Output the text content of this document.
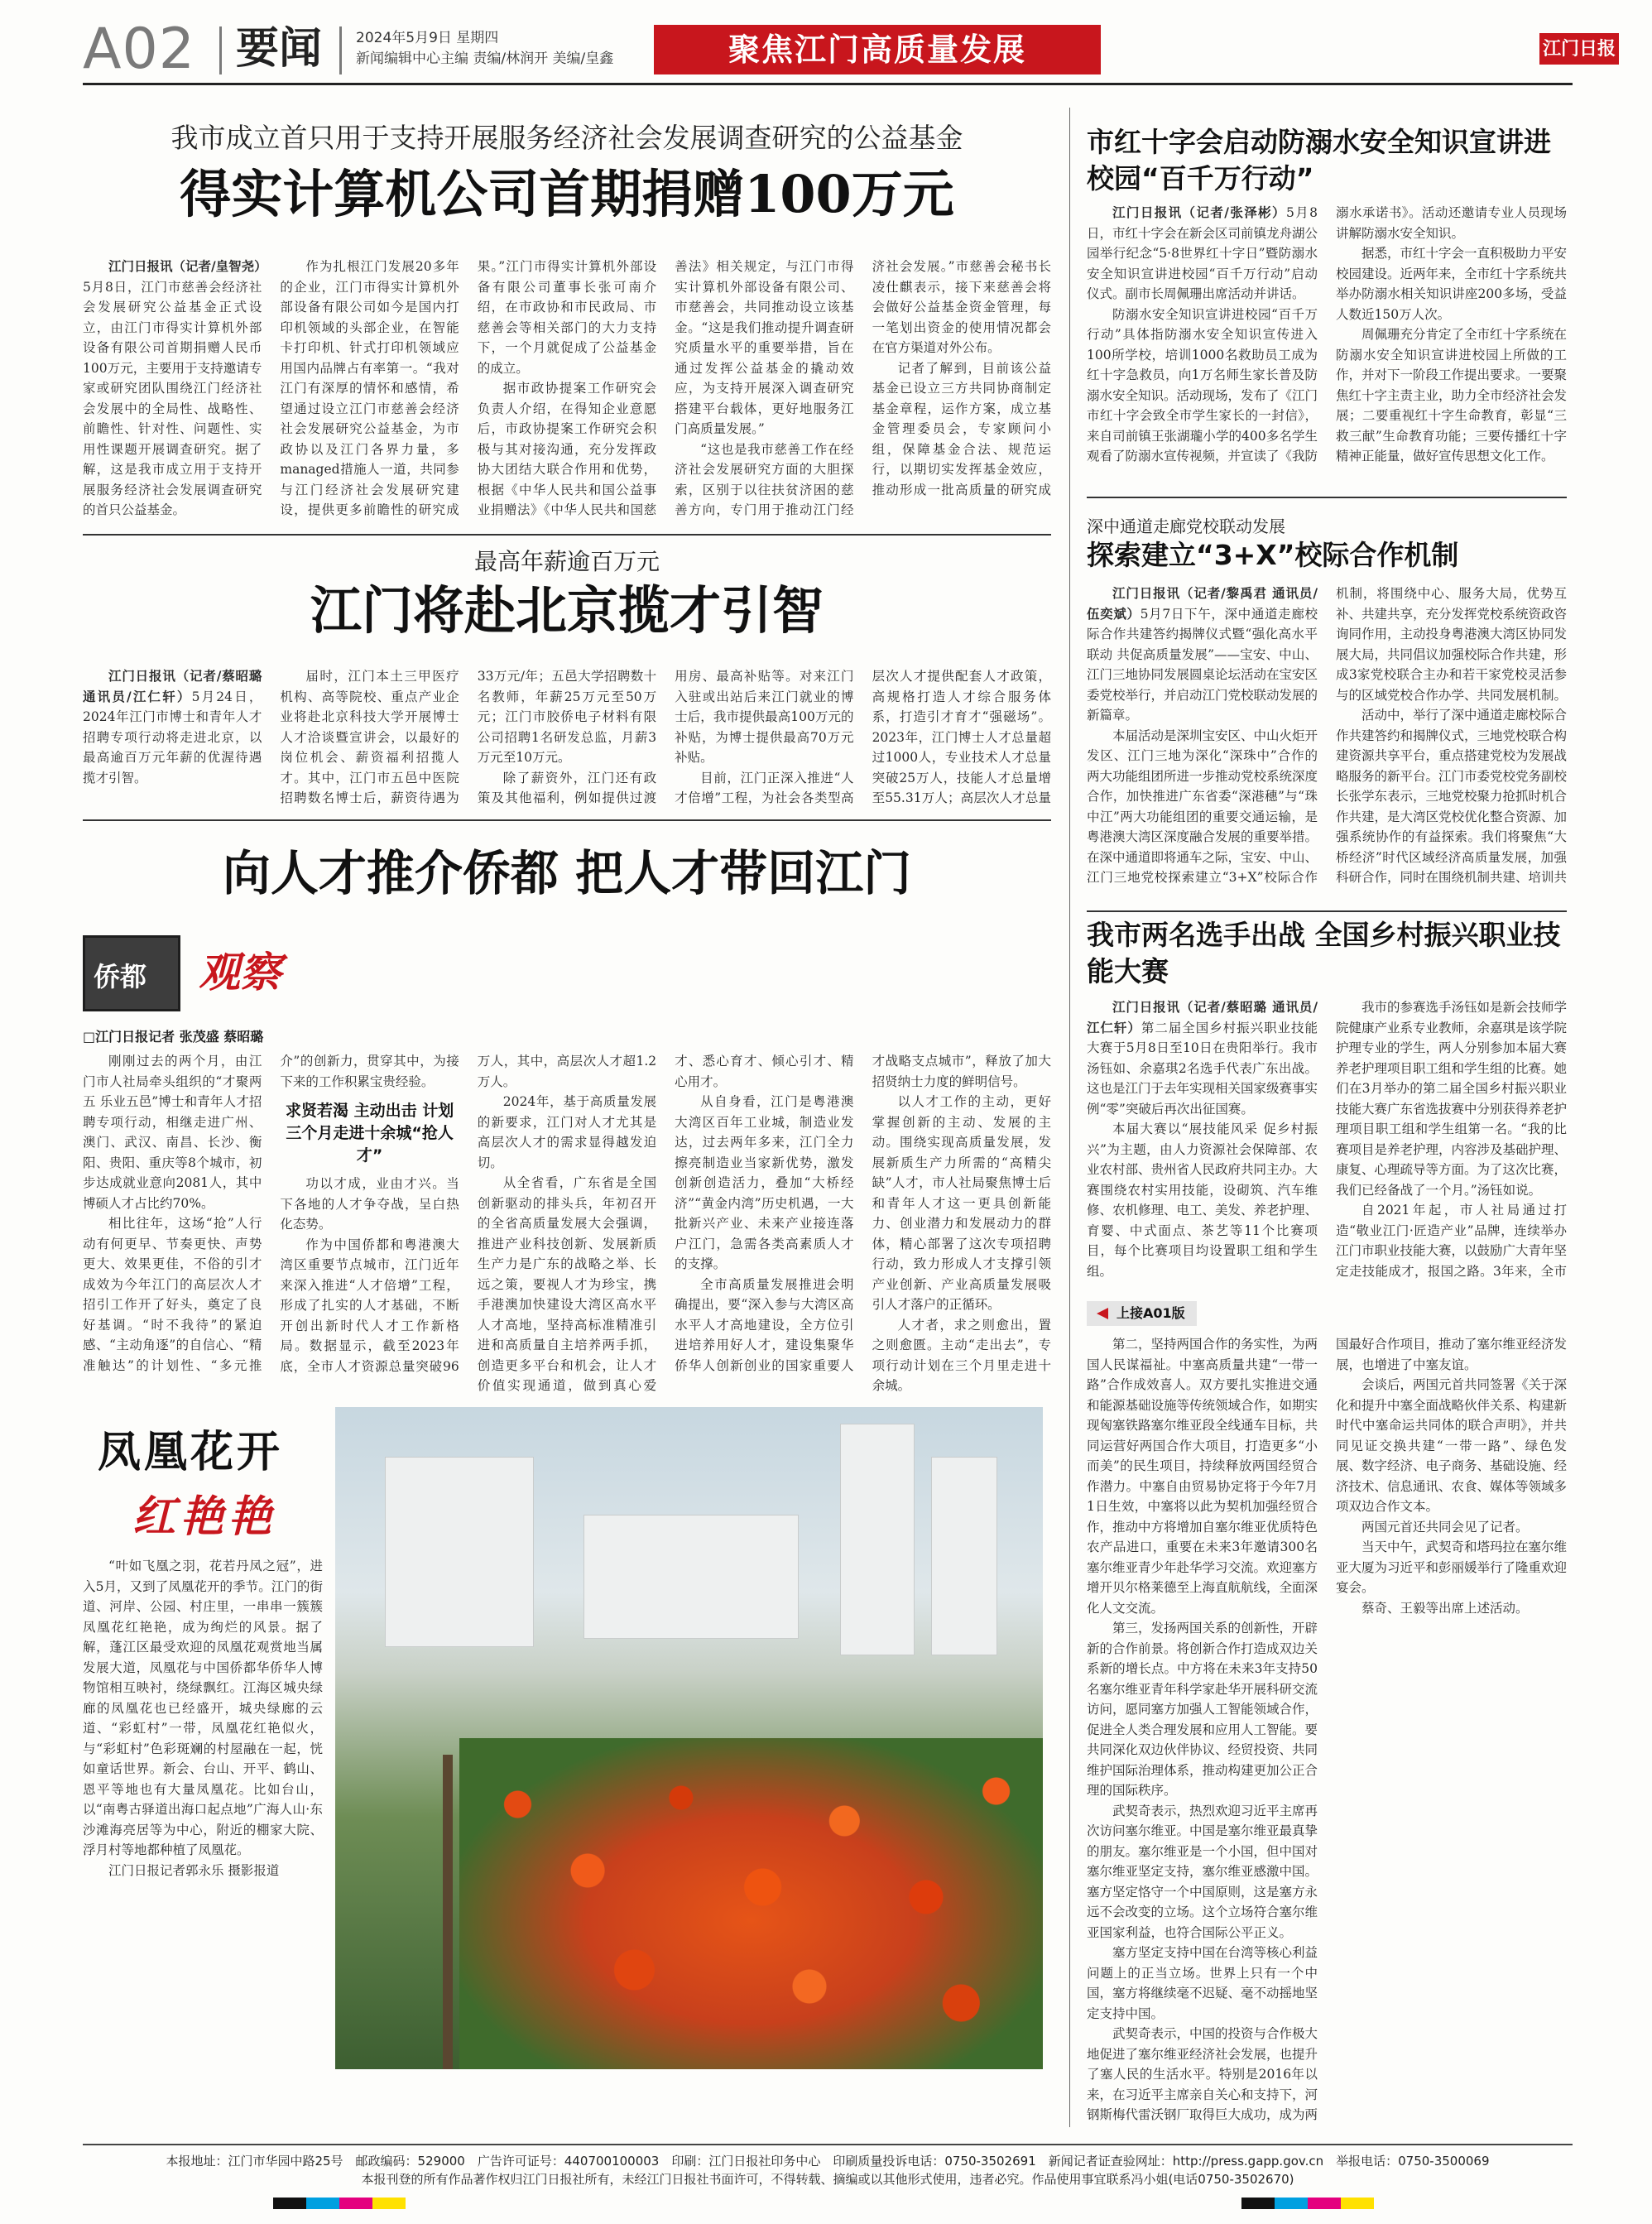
A02 要闻 2024年5月9日 星期四
新闻编辑中心主编 责编/林润开 美编/皇鑫	聚焦江门高质量发展	江门日报
我市成立首只用于支持开展服务经济社会发展调查研究的公益基金
得实计算机公司首期捐赠100万元

江门日报讯（记者/皇智尧）5月8日，江门市慈善会经济社会发展研究公益基金正式设立，由江门市得实计算机外部设备有限公司首期捐赠人民币100万元，主要用于支持邀请专家或研究团队围绕江门经济社会发展中的全局性、战略性、前瞻性、针对性、问题性、实用性课题开展调查研究。据了解，这是我市成立用于支持开展服务经济社会发展调查研究的首只公益基金。

作为扎根江门发展20多年的企业，江门市得实计算机外部设备有限公司如今是国内打印机领域的头部企业，在智能卡打印机、针式打印机领域应用国内品牌占有率第一。“我对江门有深厚的情怀和感情，希望通过设立江门市慈善会经济社会发展研究公益基金，为市政协以及江门各界力量，多managed措施人一道，共同参与江门经济社会发展研究建设，提供更多前瞻性的研究成果。”江门市得实计算机外部设备有限公司董事长张可南介绍，在市政协和市民政局、市慈善会等相关部门的大力支持下，一个月就促成了公益基金的成立。

据市政协提案工作研究会负责人介绍，在得知企业意愿后，市政协提案工作研究会积极与其对接沟通，充分发挥政协大团结大联合作用和优势，根据《中华人民共和国公益事业捐赠法》《中华人民共和国慈善法》相关规定，与江门市得实计算机外部设备有限公司、市慈善会，共同推动设立该基金。“这是我们推动提升调查研究质量水平的重要举措，旨在通过发挥公益基金的撬动效应，为支持开展深入调查研究搭建平台载体，更好地服务江门高质量发展。”

“这也是我市慈善工作在经济社会发展研究方面的大胆探索，区别于以往扶贫济困的慈善方向，专门用于推动江门经济社会发展。”市慈善会秘书长凌仕麒表示，接下来慈善会将会做好公益基金资金管理，每一笔划出资金的使用情况都会在官方渠道对外公布。

记者了解到，目前该公益基金已设立三方共同协商制定基金章程，运作方案，成立基金管理委员会，专家顾问小组，保障基金合法、规范运行，以期切实发挥基金效应，推动形成一批高质量的研究成

最高年薪逾百万元
江门将赴北京揽才引智

江门日报讯（记者/蔡昭璐 通讯员/江仁轩）5月24日，2024年江门市博士和青年人才招聘专项行动将走进北京，以最高逾百万元年薪的优渥待遇揽才引智。

届时，江门本土三甲医疗机构、高等院校、重点产业企业将赴北京科技大学开展博士人才洽谈暨宣讲会，以最好的岗位机会、薪资福利招揽人才。其中，江门市五邑中医院招聘数名博士后，薪资待遇为33万元/年；五邑大学招聘数十名教师，年薪25万元至50万元；江门市胶侨电子材料有限公司招聘1名研发总监，月薪3万元至10万元。

除了薪资外，江门还有政策及其他福利，例如提供过渡用房、最高补贴等。对来江门入驻或出站后来江门就业的博士后，我市提供最高100万元的补贴，为博士提供最高70万元补贴。

目前，江门正深入推进“人才倍增”工程，为社会各类型高层次人才提供配套人才政策，高规格打造人才综合服务体系，打造引才育才“强磁场”。2023年，江门博士人才总量超过1000人，专业技术人才总量突破25万人，技能人才总量增至55.31万人；高层次人才总量

向人才推介侨都 把人才带回江门
侨都 观察
□江门日报记者 张茂盛 蔡昭璐

刚刚过去的两个月，由江门市人社局牵头组织的“才聚两五 乐业五邑”博士和青年人才招聘专项行动，相继走进广州、澳门、武汉、南昌、长沙、衡阳、贵阳、重庆等8个城市，初步达成就业意向2081人，其中博硕人才占比约70%。

相比往年，这场“抢”人行动有何更早、节奏更快、声势更大、效果更佳，不俗的引才成效为今年江门的高层次人才招引工作开了好头，奠定了良好基调。“时不我待”的紧迫感、“主动角逐”的自信心、“精准触达”的计划性、“多元推介”的创新力，贯穿其中，为接下来的工作积累宝贵经验。

求贤若渴 主动出击 计划三个月走进十余城“抢人才”

功以才成，业由才兴。当下各地的人才争夺战，呈白热化态势。

作为中国侨都和粤港澳大湾区重要节点城市，江门近年来深入推进“人才倍增”工程，形成了扎实的人才基础，不断开创出新时代人才工作新格局。数据显示，截至2023年底，全市人才资源总量突破96万人，其中，高层次人才超1.2万人。

2024年，基于高质量发展的新要求，江门对人才尤其是高层次人才的需求显得越发迫切。

从全省看，广东省是全国创新驱动的排头兵，年初召开的全省高质量发展大会强调，推进产业科技创新、发展新质生产力是广东的战略之举、长远之策，要视人才为珍宝，携手港澳加快建设大湾区高水平人才高地，坚持高标准精准引进和高质量自主培养两手抓，创造更多平台和机会，让人才价值实现通道，做到真心爱才、悉心育才、倾心引才、精心用才。

从自身看，江门是粤港澳大湾区百年工业城，制造业发达，过去两年多来，江门全力擦亮制造业当家新优势，激发创新创造活力，叠加“大桥经济”“黄金内湾”历史机遇，一大批新兴产业、未来产业接连落户江门，急需各类高素质人才的支撑。

全市高质量发展推进会明确提出，要“深入参与大湾区高水平人才高地建设，全方位引进培养用好人才，建设集聚华侨华人创新创业的国家重要人才战略支点城市”，释放了加大招贤纳士力度的鲜明信号。

以人才工作的主动，更好掌握创新的主动、发展的主动。围绕实现高质量发展，发展新质生产力所需的“高精尖缺”人才，市人社局聚焦博士后和青年人才这一更具创新能力、创业潜力和发展动力的群体，精心部署了这次专项招聘行动，致力形成人才支撑引领产业创新、产业高质量发展吸引人才落户的正循环。

人才者，求之则愈出，置之则愈匮。主动“走出去”，专项行动计划在三个月里走进十余城。

凤凰花开
红艳艳

“叶如飞凰之羽，花若丹凤之冠”，进入5月，又到了凤凰花开的季节。江门的街道、河岸、公园、村庄里，一串串一簇簇凤凰花红艳艳，成为绚烂的风景。据了解，蓬江区最受欢迎的凤凰花观赏地当属发展大道，凤凰花与中国侨都华侨华人博物馆相互映衬，绕绿飘红。江海区城央绿廊的凤凰花也已经盛开，城央绿廊的云道、“彩虹村”一带，凤凰花红艳似火，与“彩虹村”色彩斑斓的村屋融在一起，恍如童话世界。新会、台山、开平、鹤山、恩平等地也有大量凤凰花。比如台山，以“南粤古驿道出海口起点地”广海人山·东沙滩海亮居等为中心，附近的棚家大院、浮月村等地都种植了凤凰花。

江门日报记者郭永乐 摄影报道

市红十字会启动防溺水安全知识宣讲进校园“百千万行动”

江门日报讯（记者/张泽彬）5月8日，市红十字会在新会区司前镇龙舟湖公园举行纪念“5·8世界红十字日”暨防溺水安全知识宣讲进校园“百千万行动”启动仪式。副市长周佩珊出席活动并讲话。

防溺水安全知识宣讲进校园“百千万行动”具体指防溺水安全知识宣传进入100所学校，培训1000名救助员工成为红十字急救员，向1万名师生家长普及防溺水安全知识。活动现场，发布了《江门市红十字会致全市学生家长的一封信》，来自司前镇王张湖瓏小学的400多名学生观看了防溺水宣传视频，并宣读了《我防溺水承诺书》。活动还邀请专业人员现场讲解防溺水安全知识。

据悉，市红十字会一直积极助力平安校园建设。近两年来，全市红十字系统共举办防溺水相关知识讲座200多场，受益人数近150万人次。

周佩珊充分肯定了全市红十字系统在防溺水安全知识宣讲进校园上所做的工作，并对下一阶段工作提出要求。一要聚焦红十字主责主业，助力全市经济社会发展；二要重视红十字生命教育，彰显“三救三献”生命教育功能；三要传播红十字精神正能量，做好宣传思想文化工作。

深中通道走廊党校联动发展
探索建立“3+X”校际合作机制

江门日报讯（记者/黎禹君 通讯员/伍奕斌）5月7日下午，深中通道走廊校际合作共建答约揭牌仪式暨“强化高水平联动 共促高质量发展”——宝安、中山、江门三地协同发展圆桌论坛活动在宝安区委党校举行，并启动江门党校联动发展的新篇章。

本届活动是深圳宝安区、中山火炬开发区、江门三地为深化“深珠中”合作的两大功能组团所进一步推动党校系统深度合作，加快推进广东省委“深港穗”与“珠中江”两大功能组团的重要交通运输，是粤港澳大湾区深度融合发展的重要举措。在深中通道即将通车之际，宝安、中山、江门三地党校探索建立“3+X”校际合作机制，将围绕中心、服务大局，优势互补、共建共享，充分发挥党校系统资政咨询同作用，主动投身粤港澳大湾区协同发展大局，共同倡议加强校际合作共建，形成3家党校联合主办和若干家党校灵活参与的区域党校合作办学、共同发展机制。

活动中，举行了深中通道走廊校际合作共建答约和揭牌仪式，三地党校联合构建资源共享平台，重点搭建党校为发展战略服务的新平台。江门市委党校党务副校长张学东表示，三地党校聚力抢抓时机合作共建，是大湾区党校优化整合资源、加强系统协作的有益探索。我们将聚焦“大桥经济”时代区域经济高质量发展，加强科研合作，同时在围绕机制共建、培训共

我市两名选手出战 全国乡村振兴职业技能大赛

江门日报讯（记者/蔡昭璐 通讯员/江仁轩）第二届全国乡村振兴职业技能大赛于5月8日至10日在贵阳举行。我市汤钰如、余嘉琪2名选手代表广东出战。这也是江门于去年实现相关国家级赛事实例“零”突破后再次出征国赛。

本届大赛以“展技能风采 促乡村振兴”为主题，由人力资源社会保障部、农业农村部、贵州省人民政府共同主办。大赛围绕农村实用技能，设砌筑、汽车维修、农机修理、电工、美发、养老护理、育婴、中式面点、茶艺等11个比赛项目，每个比赛项目均设置职工组和学生组。

我市的参赛选手汤钰如是新会技师学院健康产业系专业教师，余嘉琪是该学院护理专业的学生，两人分别参加本届大赛养老护理项目职工组和学生组的比赛。她们在3月举办的第二届全国乡村振兴职业技能大赛广东省选拔赛中分别获得养老护理项目职工组和学生组第一名。“我的比赛项目是养老护理，内容涉及基础护理、康复、心理疏导等方面。为了这次比赛，我们已经备战了一个月。”汤钰如说。

自2021年起，市人社局通过打造“敬业江门·匠造产业”品牌，连续举办江门市职业技能大赛，以鼓励广大青年坚定走技能成才，报国之路。3年来，全市

上接A01版

第二，坚持两国合作的务实性，为两国人民谋福祉。中塞高质量共建“一带一路”合作成效喜人。双方要扎实推进交通和能源基础设施等传统领域合作，如期实现匈塞铁路塞尔维亚段全线通车目标，共同运营好两国合作大项目，打造更多“小而美”的民生项目，持续释放两国经贸合作潜力。中塞自由贸易协定将于今年7月1日生效，中塞将以此为契机加强经贸合作，推动中方将增加自塞尔维亚优质特色农产品进口，重要在未来3年邀请300名塞尔维亚青少年赴华学习交流。欢迎塞方增开贝尔格莱德至上海直航航线，全面深化人文交流。

第三，发扬两国关系的创新性，开辟新的合作前景。将创新合作打造成双边关系新的增长点。中方将在未来3年支持50名塞尔维亚青年科学家赴华开展科研交流访问，愿同塞方加强人工智能领域合作，促进全人类合理发展和应用人工智能。要共同深化双边伙伴协议、经贸投资、共同维护国际治理体系，推动构建更加公正合理的国际秩序。

武契奇表示，热烈欢迎习近平主席再次访问塞尔维亚。中国是塞尔维亚最真挚的朋友。塞尔维亚是一个小国，但中国对塞尔维亚坚定支持，塞尔维亚感激中国。塞方坚定恪守一个中国原则，这是塞方永远不会改变的立场。这个立场符合塞尔维亚国家利益，也符合国际公平正义。

塞方坚定支持中国在台湾等核心利益问题上的正当立场。世界上只有一个中国，塞方将继续毫不迟疑、毫不动摇地坚定支持中国。

武契奇表示，中国的投资与合作极大地促进了塞尔维亚经济社会发展，也提升了塞人民的生活水平。特别是2016年以来，在习近平主席亲自关心和支持下，河钢斯梅代雷沃钢厂取得巨大成功，成为两国最好合作项目，推动了塞尔维亚经济发展，也增进了中塞友谊。

会谈后，两国元首共同签署《关于深化和提升中塞全面战略伙伴关系、构建新时代中塞命运共同体的联合声明》，并共同见证交换共建“一带一路”、绿色发展、数字经济、电子商务、基础设施、经济技术、信息通讯、农食、媒体等领域多项双边合作文本。

两国元首还共同会见了记者。

当天中午，武契奇和塔玛拉在塞尔维亚大厦为习近平和彭丽媛举行了隆重欢迎宴会。

蔡奇、王毅等出席上述活动。

本报地址：江门市华园中路25号　邮政编码：529000　广告许可证号：440700100003　印刷：江门日报社印务中心　印刷质量投诉电话：0750-3502691　新闻记者证查验网址：http://press.gapp.gov.cn　举报电话：0750-3500069
本报刊登的所有作品著作权归江门日报社所有，未经江门日报社书面许可，不得转载、摘编或以其他形式使用，违者必究。作品使用事宜联系冯小姐(电话0750-3502670)
